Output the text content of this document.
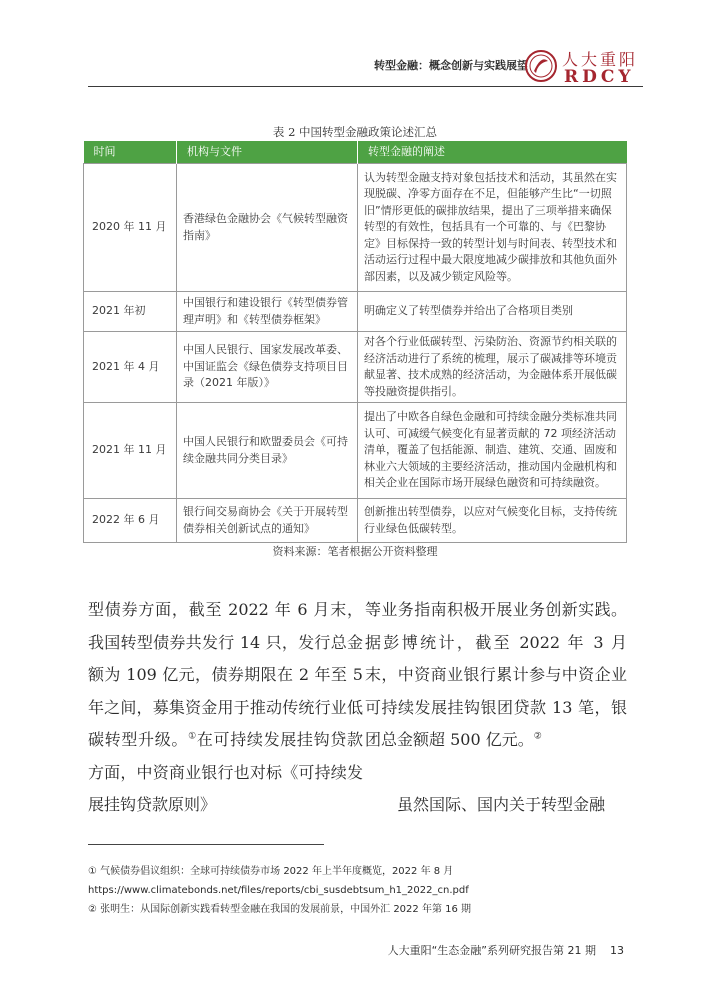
转型金融：概念创新与实践展望 人大重阳
RDCY
表 2 中国转型金融政策论述汇总
时间	机构与文件	转型金融的阐述
2020 年 11 月	香港绿色金融协会《气候转型融资指南》	认为转型金融支持对象包括技术和活动，其虽然在实现脱碳、净零方面存在不足，但能够产生比“一切照旧”情形更低的碳排放结果，提出了三项举措来确保转型的有效性，包括具有一个可靠的、与《巴黎协定》目标保持一致的转型计划与时间表、转型技术和活动运行过程中最大限度地减少碳排放和其他负面外部因素，以及减少锁定风险等。
2021 年初	中国银行和建设银行《转型债券管理声明》和《转型债券框架》	明确定义了转型债券并给出了合格项目类别
2021 年 4 月	中国人民银行、国家发展改革委、中国证监会《绿色债券支持项目目录（2021 年版）》	对各个行业低碳转型、污染防治、资源节约相关联的经济活动进行了系统的梳理，展示了碳减排等环境贡献显著、技术成熟的经济活动，为金融体系开展低碳等投融资提供指引。
2021 年 11 月	中国人民银行和欧盟委员会《可持续金融共同分类目录》	提出了中欧各自绿色金融和可持续金融分类标准共同认可、可减缓气候变化有显著贡献的 72 项经济活动清单，覆盖了包括能源、制造、建筑、交通、固废和林业六大领域的主要经济活动，推动国内金融机构和相关企业在国际市场开展绿色融资和可持续融资。
2022 年 6 月	银行间交易商协会《关于开展转型债券相关创新试点的通知》	创新推出转型债券，以应对气候变化目标，支持传统行业绿色低碳转型。
资料来源：笔者根据公开资料整理

型债券方面，截至 2022 年 6 月末，我国转型债券共发行 14 只，发行总金额为 109 亿元，债券期限在 2 年至 5 年之间，募集资金用于推动传统行业低碳转型升级。①在可持续发展挂钩贷款方面，中资商业银行也对标《可持续发展挂钩贷款原则》

等业务指南积极开展业务创新实践。据彭博统计，截至 2022 年 3 月末，中资商业银行累计参与中资企业可持续发展挂钩银团贷款 13 笔，银团总金额超 500 亿元。②

虽然国际、国内关于转型金融

① 气候债券倡议组织：全球可持续债券市场 2022 年上半年度概览，2022 年 8 月
https://www.climatebonds.net/files/reports/cbi_susdebtsum_h1_2022_cn.pdf
② 张明生：从国际创新实践看转型金融在我国的发展前景，中国外汇 2022 年第 16 期
人大重阳“生态金融”系列研究报告第 21 期 13
